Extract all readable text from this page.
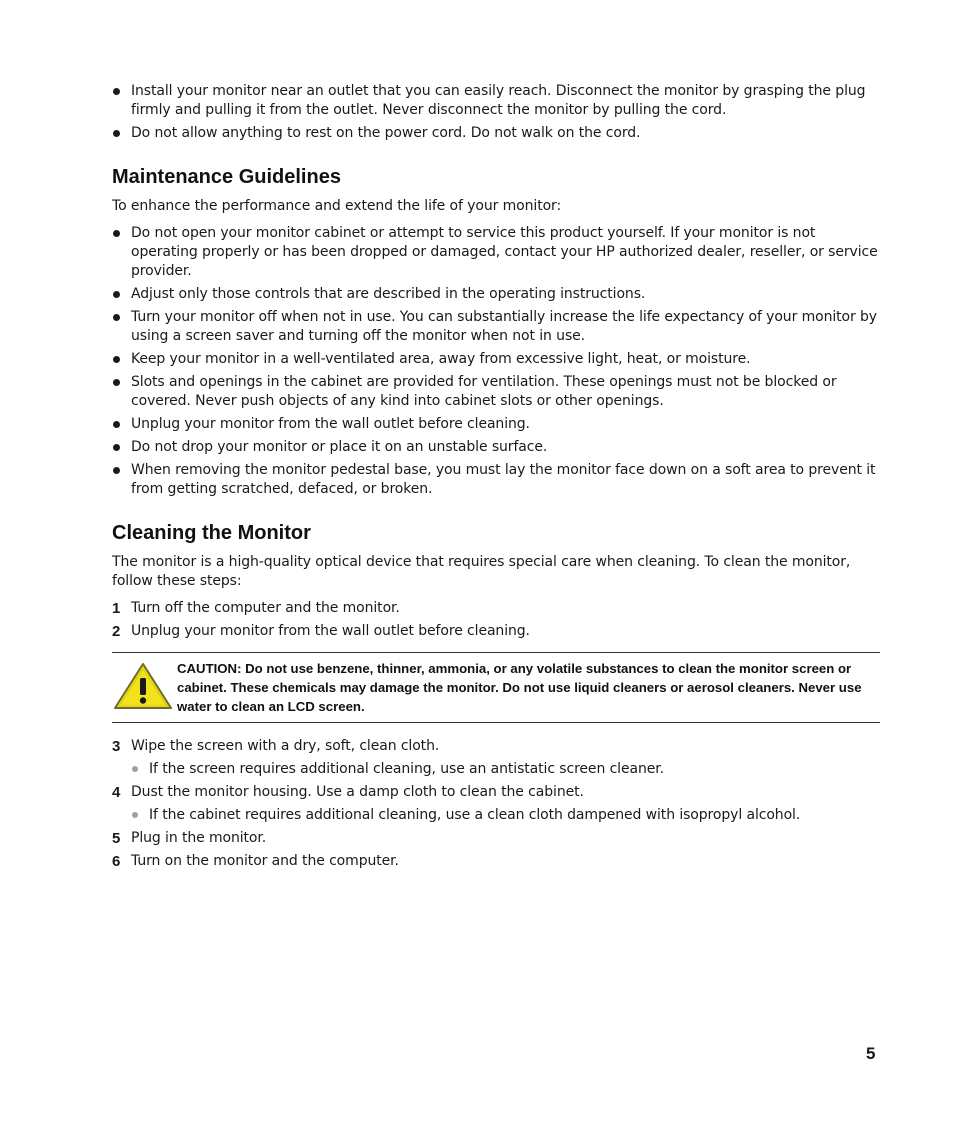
Install your monitor near an outlet that you can easily reach. Disconnect the monitor by grasping the plug firmly and pulling it from the outlet. Never disconnect the monitor by pulling the cord.
Do not allow anything to rest on the power cord. Do not walk on the cord.
Maintenance Guidelines
To enhance the performance and extend the life of your monitor:
Do not open your monitor cabinet or attempt to service this product yourself. If your monitor is not operating properly or has been dropped or damaged, contact your HP authorized dealer, reseller, or service provider.
Adjust only those controls that are described in the operating instructions.
Turn your monitor off when not in use. You can substantially increase the life expectancy of your monitor by using a screen saver and turning off the monitor when not in use.
Keep your monitor in a well-ventilated area, away from excessive light, heat, or moisture.
Slots and openings in the cabinet are provided for ventilation. These openings must not be blocked or covered. Never push objects of any kind into cabinet slots or other openings.
Unplug your monitor from the wall outlet before cleaning.
Do not drop your monitor or place it on an unstable surface.
When removing the monitor pedestal base, you must lay the monitor face down on a soft area to prevent it from getting scratched, defaced, or broken.
Cleaning the Monitor
The monitor is a high-quality optical device that requires special care when cleaning. To clean the monitor, follow these steps:
1 Turn off the computer and the monitor.
2 Unplug your monitor from the wall outlet before cleaning.
CAUTION: Do not use benzene, thinner, ammonia, or any volatile substances to clean the monitor screen or cabinet. These chemicals may damage the monitor. Do not use liquid cleaners or aerosol cleaners. Never use water to clean an LCD screen.
3 Wipe the screen with a dry, soft, clean cloth.
If the screen requires additional cleaning, use an antistatic screen cleaner.
4 Dust the monitor housing. Use a damp cloth to clean the cabinet.
If the cabinet requires additional cleaning, use a clean cloth dampened with isopropyl alcohol.
5 Plug in the monitor.
6 Turn on the monitor and the computer.
5
